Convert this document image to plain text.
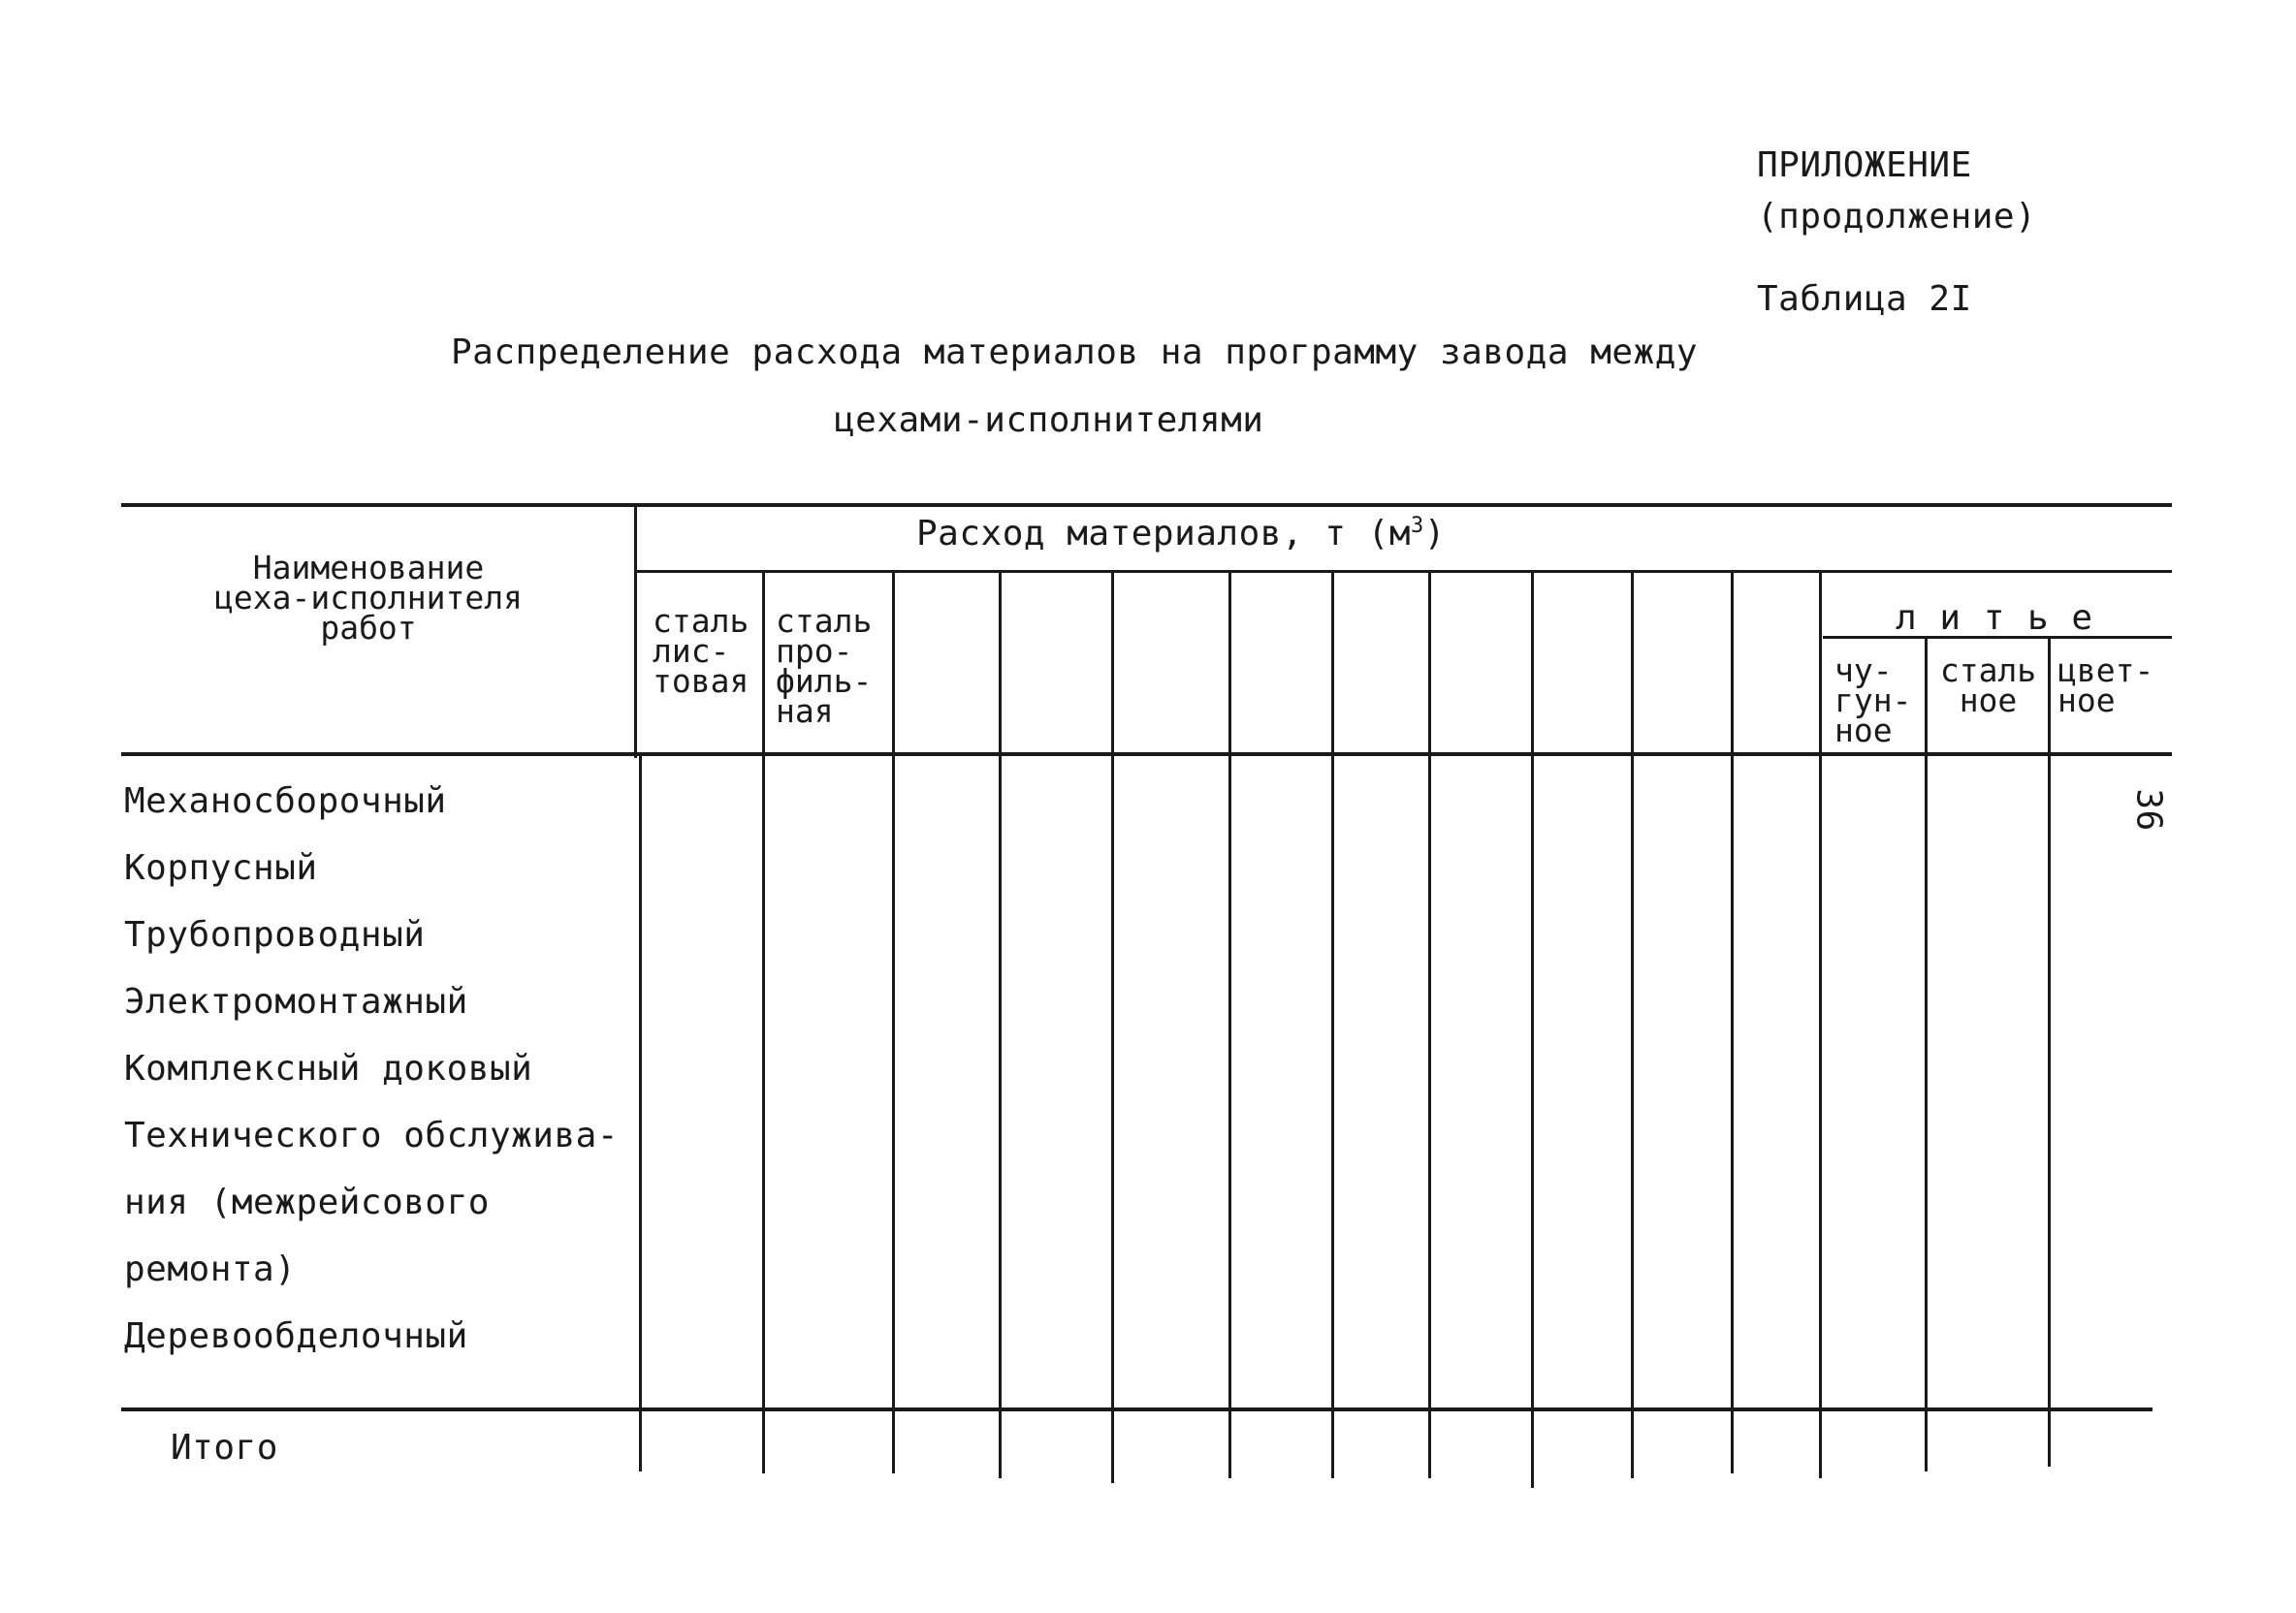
ПРИЛОЖЕНИЕ
(продолжение)
Таблица 2I
Распределение расхода материалов на программу завода между
цехами-исполнителями
Наименование
цеха-исполнителя
работ
Расход материалов, т $(м^3)$
сталь
лис-
товая
сталь
про-
филь-
ная
л и т ь е
чу-
гун-
ное
сталь
ное
цвет-
ное
Механосборочный
Корпусный
Трубопроводный
Электромонтажный
Комплексный доковый
Технического обслужива-
ния (межрейсового
ремонта)
Деревообделочный
Итого
36
